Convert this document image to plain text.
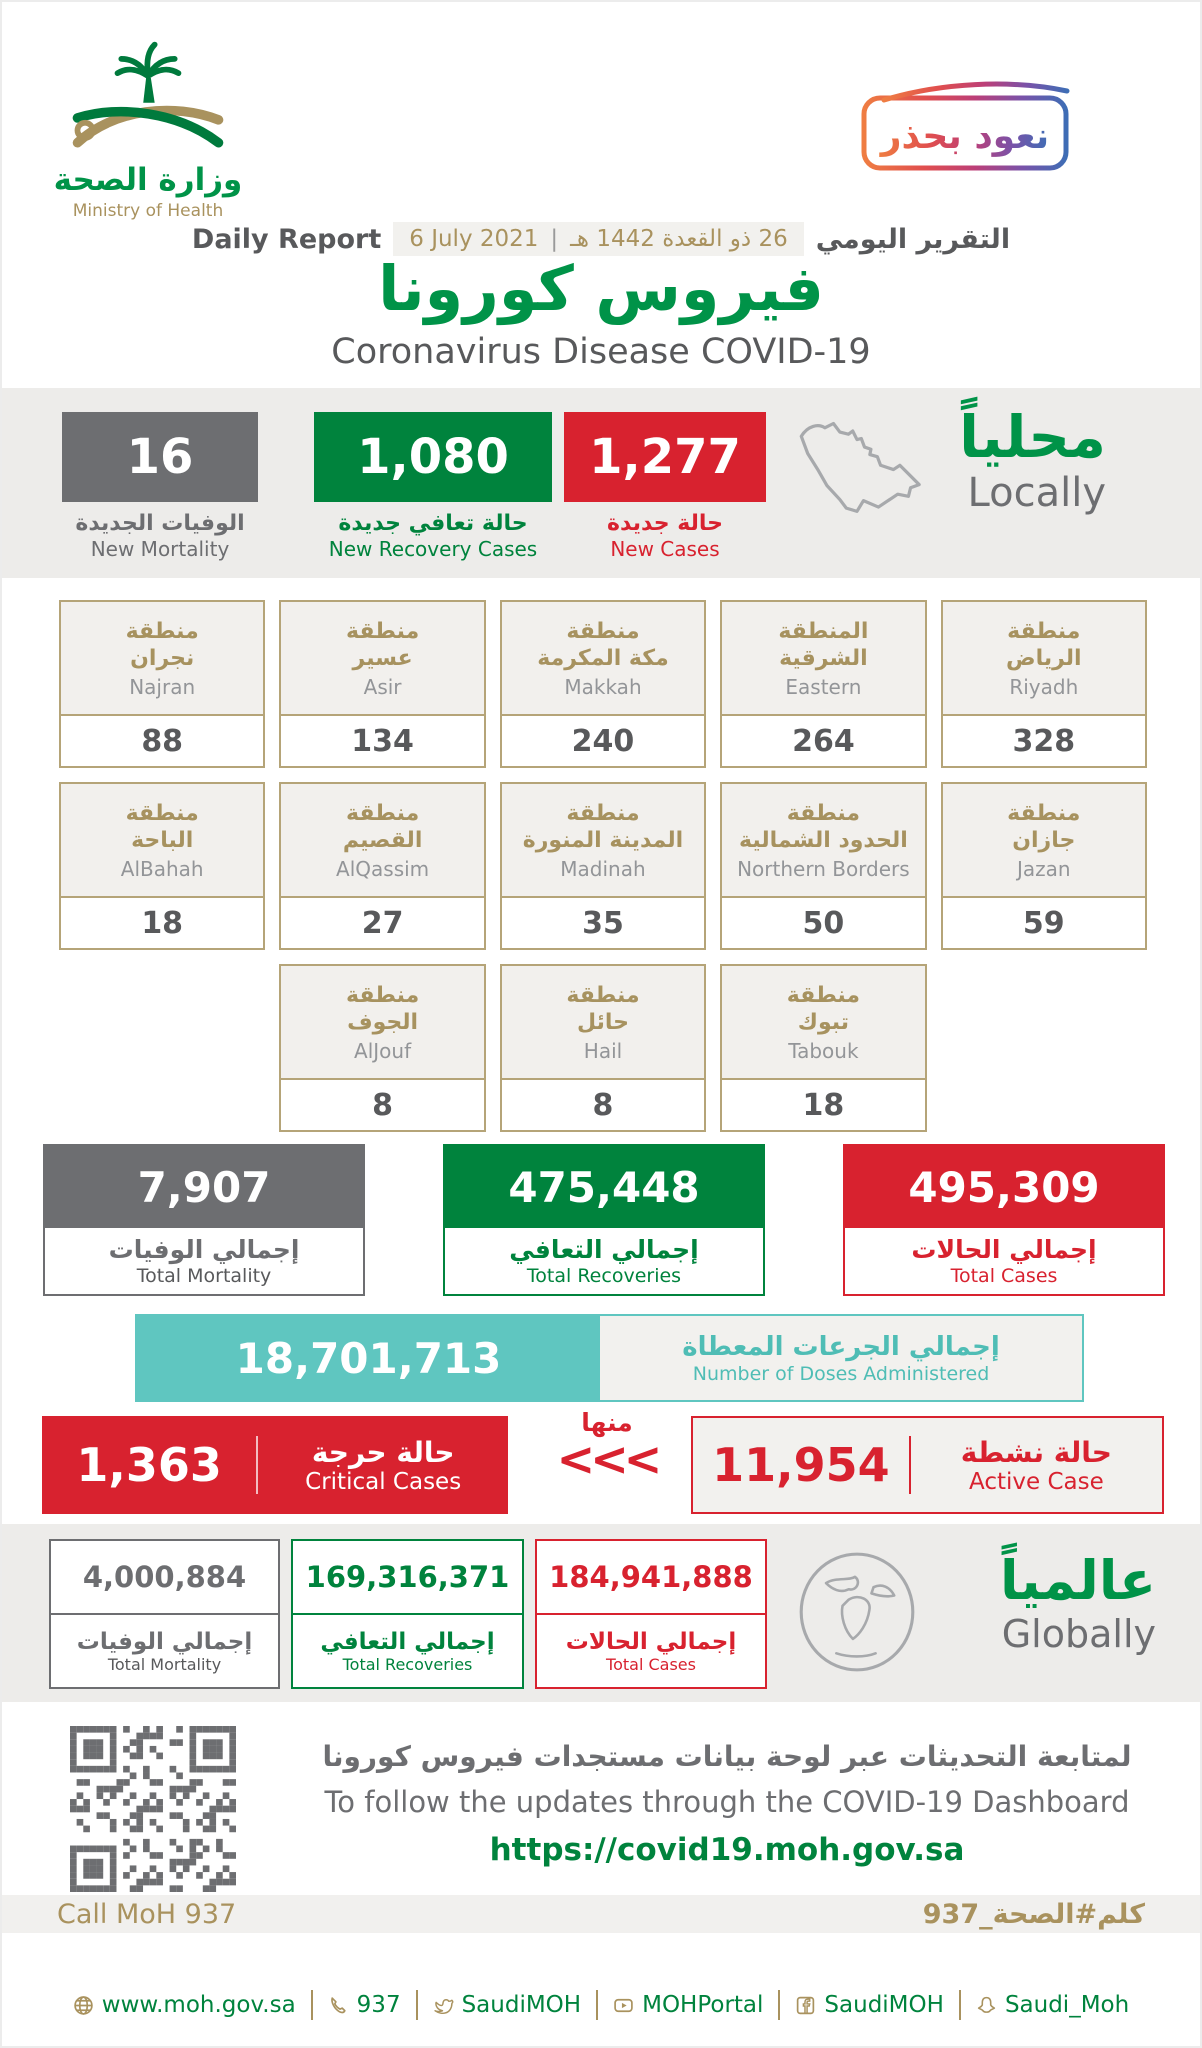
وزارة الصحة
Ministry of Health
نعود بحذر
Daily Report 6 July 2021 | 26 ذو القعدة 1442 هـ التقرير اليومي
فيروس كورونا
Coronavirus Disease COVID-19
16
الوفيات الجديدة
New Mortality
1,080
حالة تعافي جديدة
New Recovery Cases
1,277
حالة جديدة
New Cases
محلياً
Locally
منطقة
نجران
Najran
88
منطقة
عسير
Asir
134
منطقة
مكة المكرمة
Makkah
240
المنطقة
الشرقية
Eastern
264
منطقة
الرياض
Riyadh
328
منطقة
الباحة
AlBahah
18
منطقة
القصيم
AlQassim
27
منطقة
المدينة المنورة
Madinah
35
منطقة
الحدود الشمالية
Northern Borders
50
منطقة
جازان
Jazan
59
منطقة
الجوف
AlJouf
8
منطقة
حائل
Hail
8
منطقة
تبوك
Tabouk
18
7,907
إجمالي الوفيات
Total Mortality
475,448
إجمالي التعافي
Total Recoveries
495,309
إجمالي الحالات
Total Cases
18,701,713	إجمالي الجرعات المعطاة
Number of Doses Administered
1,363	حالة حرجة
Critical Cases
منها
<<<	11,954	حالة نشطة
Active Case
4,000,884
إجمالي الوفيات
Total Mortality
169,316,371
إجمالي التعافي
Total Recoveries
184,941,888
إجمالي الحالات
Total Cases
عالمياً
Globally
لمتابعة التحديثات عبر لوحة بيانات مستجدات فيروس كورونا
To follow the updates through the COVID-19 Dashboard
https://covid19.moh.gov.sa
Call MoH 937	كلم#الصحة_937
www.moh.gov.sa	937	SaudiMOH	MOHPortal	SaudiMOH	Saudi_Moh
